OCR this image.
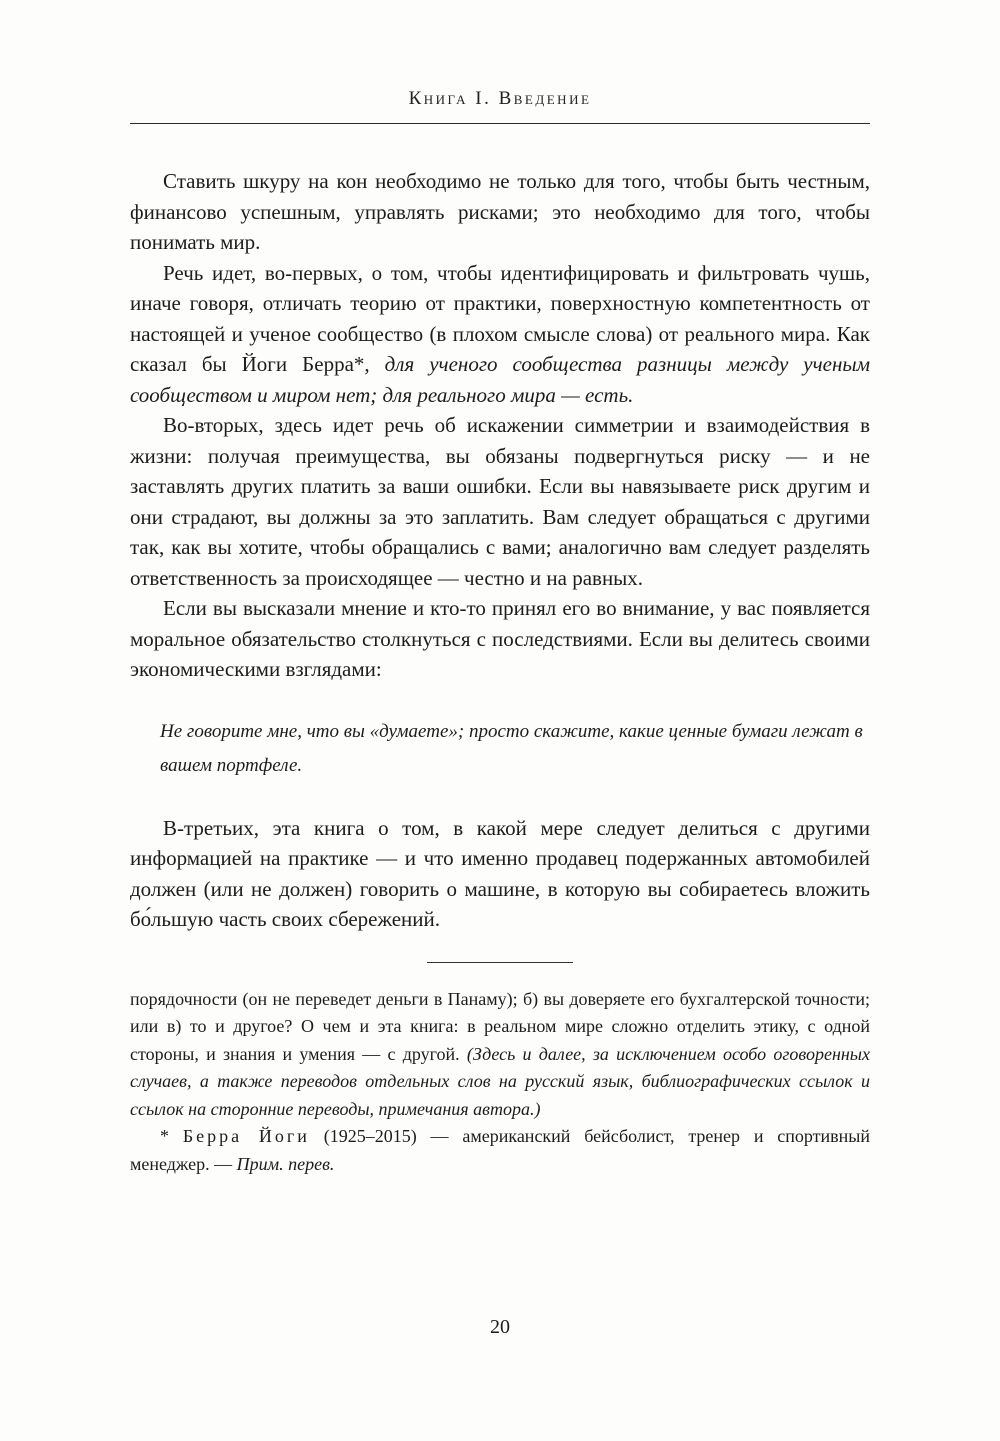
Книга I. Введение

Ставить шкуру на кон необходимо не только для того, чтобы быть честным, финансово успешным, управлять рисками; это необходимо для того, чтобы понимать мир.

Речь идет, во-первых, о том, чтобы идентифицировать и фильтровать чушь, иначе говоря, отличать теорию от практики, поверхностную компетентность от настоящей и ученое сообщество (в плохом смысле слова) от реального мира. Как сказал бы Йоги Берра*, для ученого сообщества разницы между ученым сообществом и миром нет; для реального мира — есть.

Во-вторых, здесь идет речь об искажении симметрии и взаимодействия в жизни: получая преимущества, вы обязаны подвергнуться риску — и не заставлять других платить за ваши ошибки. Если вы навязываете риск другим и они страдают, вы должны за это заплатить. Вам следует обращаться с другими так, как вы хотите, чтобы обращались с вами; аналогично вам следует разделять ответственность за происходящее — честно и на равных.

Если вы высказали мнение и кто-то принял его во внимание, у вас появляется моральное обязательство столкнуться с последствиями. Если вы делитесь своими экономическими взглядами:

Не говорите мне, что вы «думаете»; просто скажите, какие ценные бумаги лежат в вашем портфеле.

В-третьих, эта книга о том, в какой мере следует делиться с другими информацией на практике — и что именно продавец подержанных автомобилей должен (или не должен) говорить о машине, в которую вы собираетесь вложить бо́льшую часть своих сбережений.

порядочности (он не переведет деньги в Панаму); б) вы доверяете его бухгалтерской точности; или в) то и другое? О чем и эта книга: в реальном мире сложно отделить этику, с одной стороны, и знания и умения — с другой. (Здесь и далее, за исключением особо оговоренных случаев, а также переводов отдельных слов на русский язык, библиографических ссылок и ссылок на сторонние переводы, примечания автора.)

* Берра Йоги (1925–2015) — американский бейсболист, тренер и спортивный менеджер. — Прим. перев.

20
